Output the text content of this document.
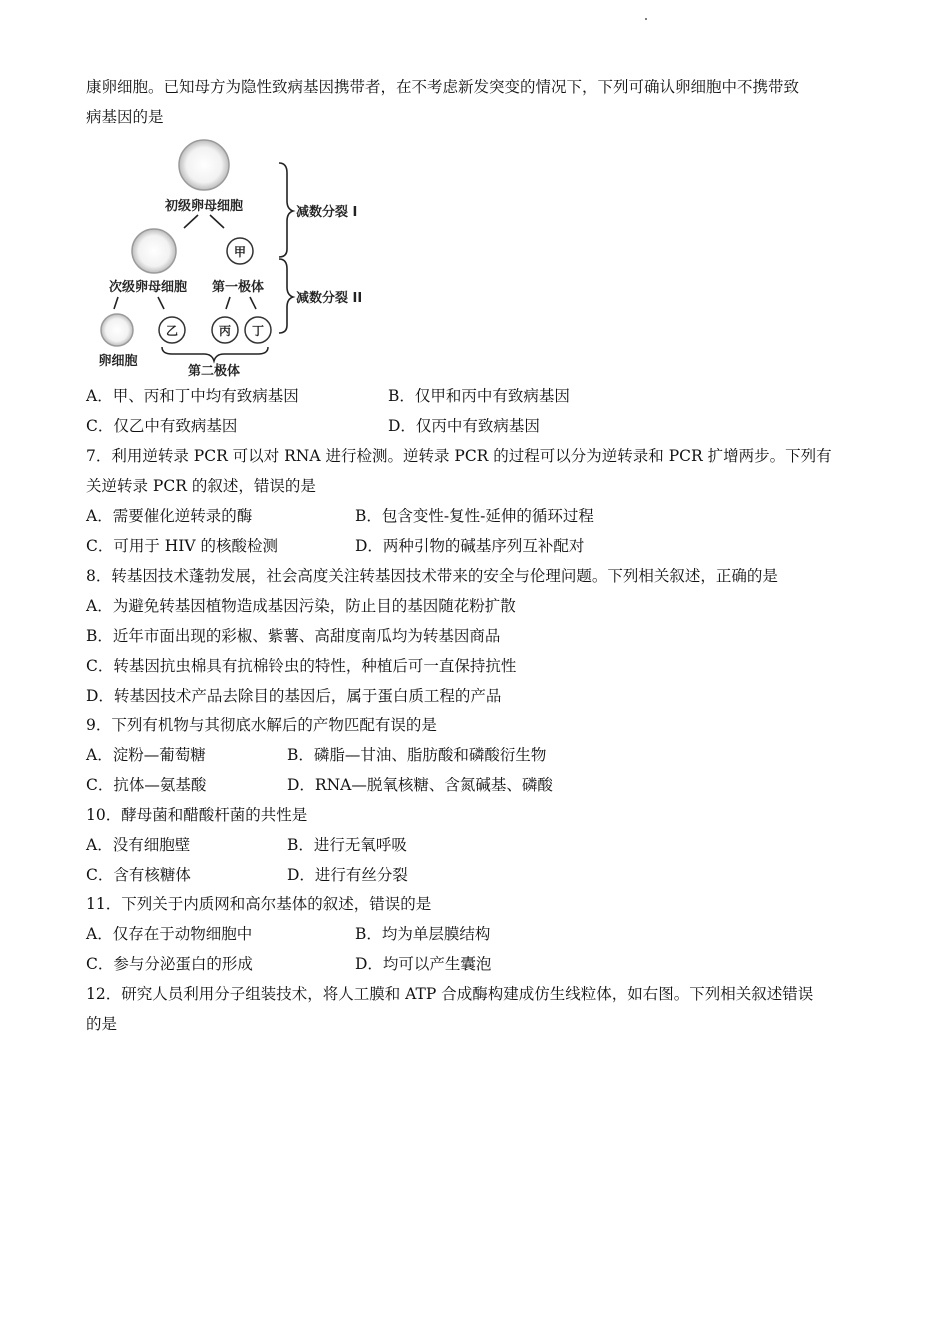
康卵细胞。已知母方为隐性致病基因携带者，在不考虑新发突变的情况下，下列可确认卵细胞中不携带致
病基因的是
初级卵母细胞
甲
次级卵母细胞 第一极体
乙	丙 丁
卵细胞
第二极体
减数分裂 I
减数分裂 II
A．甲、丙和丁中均有致病基因	B．仅甲和丙中有致病基因
C．仅乙中有致病基因	D．仅丙中有致病基因
7．利用逆转录 PCR 可以对 RNA 进行检测。逆转录 PCR 的过程可以分为逆转录和 PCR 扩增两步。下列有
关逆转录 PCR 的叙述，错误的是
A．需要催化逆转录的酶	B．包含变性-复性-延伸的循环过程
C．可用于 HIV 的核酸检测	D．两种引物的碱基序列互补配对
8．转基因技术蓬勃发展，社会高度关注转基因技术带来的安全与伦理问题。下列相关叙述，正确的是
A．为避免转基因植物造成基因污染，防止目的基因随花粉扩散
B．近年市面出现的彩椒、紫薯、高甜度南瓜均为转基因商品
C．转基因抗虫棉具有抗棉铃虫的特性，种植后可一直保持抗性
D．转基因技术产品去除目的基因后，属于蛋白质工程的产品
9．下列有机物与其彻底水解后的产物匹配有误的是
A．淀粉—葡萄糖	B．磷脂—甘油、脂肪酸和磷酸衍生物
C．抗体—氨基酸	D．RNA—脱氧核糖、含氮碱基、磷酸
10．酵母菌和醋酸杆菌的共性是
A．没有细胞壁	B．进行无氧呼吸
C．含有核糖体	D．进行有丝分裂
11．下列关于内质网和高尔基体的叙述，错误的是
A．仅存在于动物细胞中	B．均为单层膜结构
C．参与分泌蛋白的形成	D．均可以产生囊泡
12．研究人员利用分子组装技术，将人工膜和 ATP 合成酶构建成仿生线粒体，如右图。下列相关叙述错误
的是
